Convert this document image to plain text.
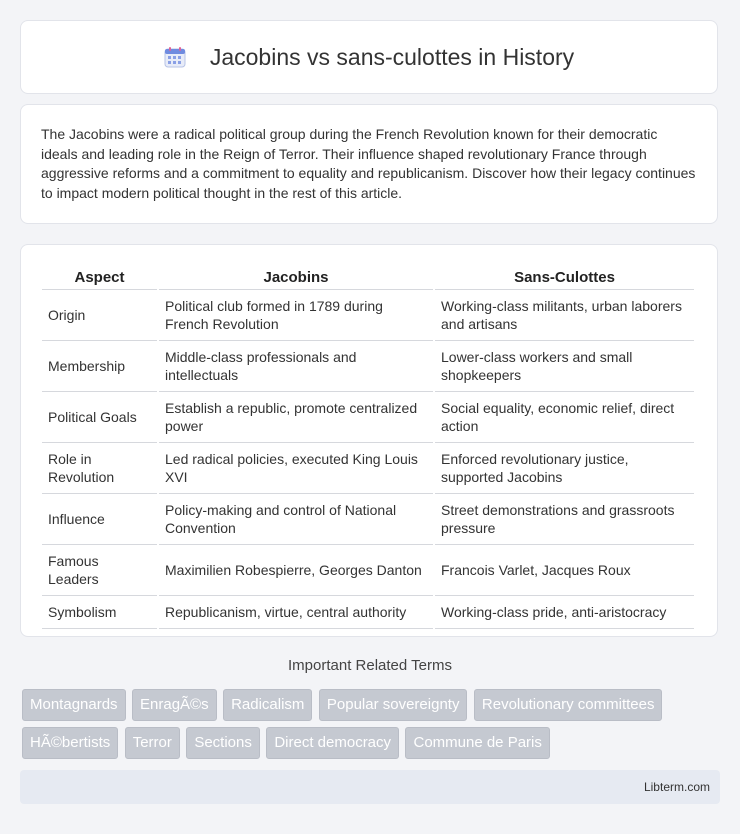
Jacobins vs sans-culottes in History

The Jacobins were a radical political group during the French Revolution known for their democratic ideals and leading role in the Reign of Terror. Their influence shaped revolutionary France through aggressive reforms and a commitment to equality and republicanism. Discover how their legacy continues to impact modern political thought in the rest of this article.

Aspect	Jacobins	Sans-Culottes
Origin	Political club formed in 1789 during French Revolution	Working-class militants, urban laborers and artisans
Membership	Middle-class professionals and intellectuals	Lower-class workers and small shopkeepers
Political Goals	Establish a republic, promote centralized power	Social equality, economic relief, direct action
Role in Revolution	Led radical policies, executed King Louis XVI	Enforced revolutionary justice, supported Jacobins
Influence	Policy-making and control of National Convention	Street demonstrations and grassroots pressure
Famous Leaders	Maximilien Robespierre, Georges Danton	Francois Varlet, Jacques Roux
Symbolism	Republicanism, virtue, central authority	Working-class pride, anti-aristocracy
Important Related Terms
Montagnards EnragÃ©s Radicalism Popular sovereignty Revolutionary committees HÃ©bertists Terror Sections Direct democracy Commune de Paris
Libterm.com
